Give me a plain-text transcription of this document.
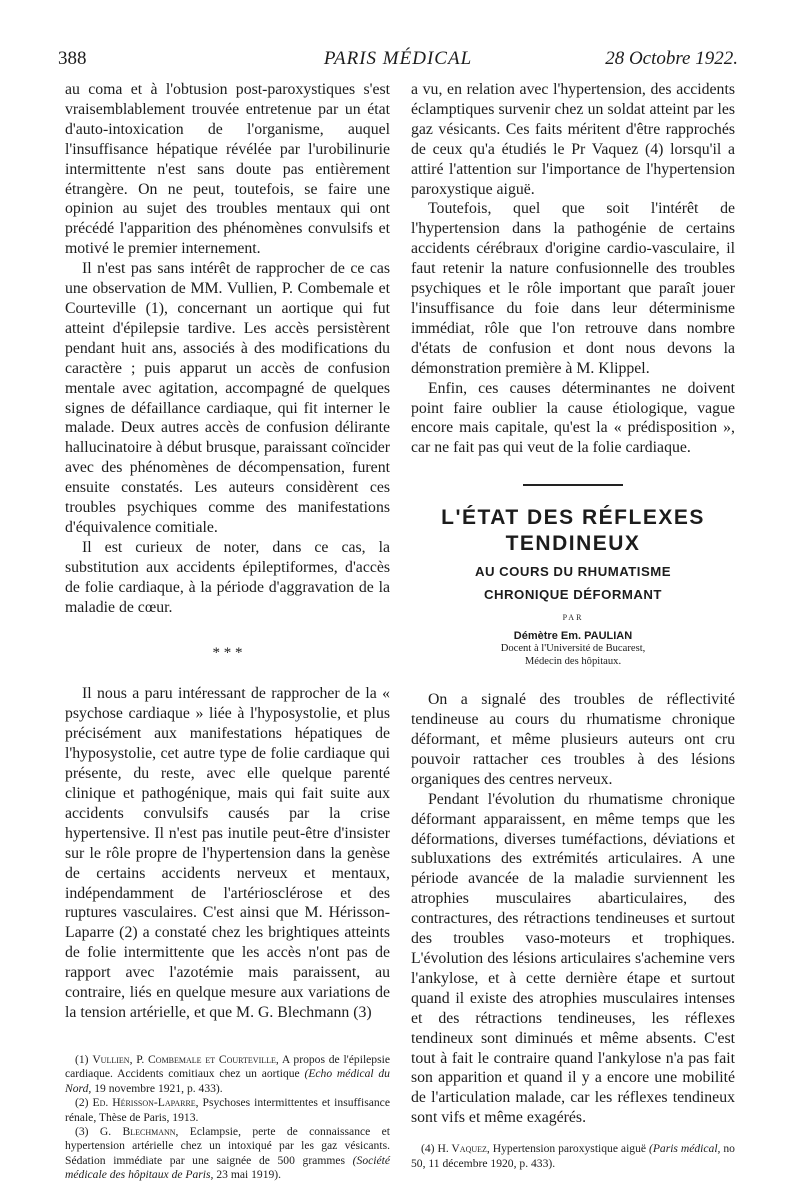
PARIS MÉDICAL
388	28 Octobre 1922.

au coma et à l'obtusion post-paroxystiques s'est vraisemblablement trouvée entretenue par un état d'auto-intoxication de l'organisme, auquel l'insuffisance hépatique révélée par l'urobilinurie intermittente n'est sans doute pas entièrement étrangère. On ne peut, toutefois, se faire une opinion au sujet des troubles mentaux qui ont précédé l'apparition des phénomènes convulsifs et motivé le premier internement.

Il n'est pas sans intérêt de rapprocher de ce cas une observation de MM. Vullien, P. Combemale et Courteville (1), concernant un aortique qui fut atteint d'épilepsie tardive. Les accès persistèrent pendant huit ans, associés à des modifications du caractère ; puis apparut un accès de confusion mentale avec agitation, accompagné de quelques signes de défaillance cardiaque, qui fit interner le malade. Deux autres accès de confusion délirante hallucinatoire à début brusque, paraissant coïncider avec des phénomènes de décompensation, furent ensuite constatés. Les auteurs considèrent ces troubles psychiques comme des manifestations d'équivalence comitiale.

Il est curieux de noter, dans ce cas, la substitution aux accidents épileptiformes, d'accès de folie cardiaque, à la période d'aggravation de la maladie de cœur.

* * *

Il nous a paru intéressant de rapprocher de la « psychose cardiaque » liée à l'hyposystolie, et plus précisément aux manifestations hépatiques de l'hyposystolie, cet autre type de folie cardiaque qui présente, du reste, avec elle quelque parenté clinique et pathogénique, mais qui fait suite aux accidents convulsifs causés par la crise hypertensive. Il n'est pas inutile peut-être d'insister sur le rôle propre de l'hypertension dans la genèse de certains accidents nerveux et mentaux, indépendamment de l'artériosclérose et des ruptures vasculaires. C'est ainsi que M. Hérisson-Laparre (2) a constaté chez les brightiques atteints de folie intermittente que les accès n'ont pas de rapport avec l'azotémie mais paraissent, au contraire, liés en quelque mesure aux variations de la tension artérielle, et que M. G. Blechmann (3)

(1) Vullien, P. Combemale et Courteville, A propos de l'épilepsie cardiaque. Accidents comitiaux chez un aortique (Echo médical du Nord, 19 novembre 1921, p. 433).

(2) Ed. Hérisson-Laparre, Psychoses intermittentes et insuffisance rénale, Thèse de Paris, 1913.

(3) G. Blechmann, Eclampsie, perte de connaissance et hypertension artérielle chez un intoxiqué par les gaz vésicants. Sédation immédiate par une saignée de 500 grammes (Société médicale des hôpitaux de Paris, 23 mai 1919).

a vu, en relation avec l'hypertension, des accidents éclamptiques survenir chez un soldat atteint par les gaz vésicants. Ces faits méritent d'être rapprochés de ceux qu'a étudiés le Pr Vaquez (4) lorsqu'il a attiré l'attention sur l'importance de l'hypertension paroxystique aiguë.

Toutefois, quel que soit l'intérêt de l'hypertension dans la pathogénie de certains accidents cérébraux d'origine cardio-vasculaire, il faut retenir la nature confusionnelle des troubles psychiques et le rôle important que paraît jouer l'insuffisance du foie dans leur déterminisme immédiat, rôle que l'on retrouve dans nombre d'états de confusion et dont nous devons la démonstration première à M. Klippel.

Enfin, ces causes déterminantes ne doivent point faire oublier la cause étiologique, vague encore mais capitale, qu'est la « prédisposition », car ne fait pas qui veut de la folie cardiaque.

L'ÉTAT DES RÉFLEXES
TENDINEUX
AU COURS DU RHUMATISME
CHRONIQUE DÉFORMANT
PAR
Démètre Em. PAULIAN
Docent à l'Université de Bucarest,
Médecin des hôpitaux.

On a signalé des troubles de réflectivité tendineuse au cours du rhumatisme chronique déformant, et même plusieurs auteurs ont cru pouvoir rattacher ces troubles à des lésions organiques des centres nerveux.

Pendant l'évolution du rhumatisme chronique déformant apparaissent, en même temps que les déformations, diverses tuméfactions, déviations et subluxations des extrémités articulaires. A une période avancée de la maladie surviennent les atrophies musculaires abarticulaires, des contractures, des rétractions tendineuses et surtout des troubles vaso-moteurs et trophiques. L'évolution des lésions articulaires s'achemine vers l'ankylose, et à cette dernière étape et surtout quand il existe des atrophies musculaires intenses et des rétractions tendineuses, les réflexes tendineux sont diminués et même absents. C'est tout à fait le contraire quand l'ankylose n'a pas fait son apparition et quand il y a encore une mobilité de l'articulation malade, car les réflexes tendineux sont vifs et même exagérés.

(4) H. Vaquez, Hypertension paroxystique aiguë (Paris médical, no 50, 11 décembre 1920, p. 433).
